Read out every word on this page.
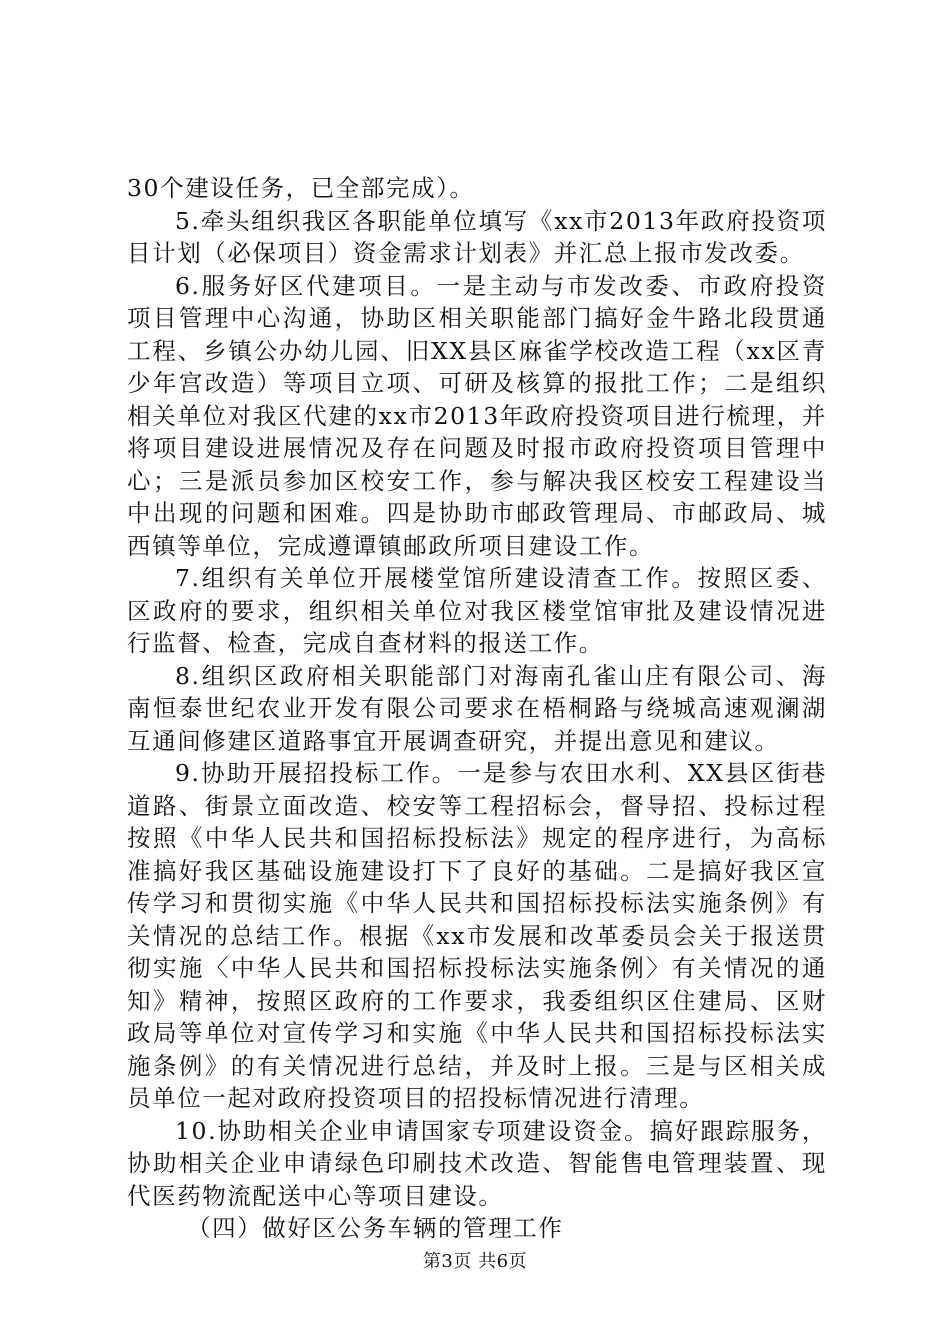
30个建设任务，已全部完成）。

5.牵头组织我区各职能单位填写《xx市2013年政府投资项目计划（必保项目）资金需求计划表》并汇总上报市发改委。

6.服务好区代建项目。一是主动与市发改委、市政府投资项目管理中心沟通，协助区相关职能部门搞好金牛路北段贯通工程、乡镇公办幼儿园、旧XX县区麻雀学校改造工程（xx区青少年宫改造）等项目立项、可研及核算的报批工作；二是组织相关单位对我区代建的xx市2013年政府投资项目进行梳理，并将项目建设进展情况及存在问题及时报市政府投资项目管理中心；三是派员参加区校安工作，参与解决我区校安工程建设当中出现的问题和困难。四是协助市邮政管理局、市邮政局、城西镇等单位，完成遵谭镇邮政所项目建设工作。

7.组织有关单位开展楼堂馆所建设清查工作。按照区委、区政府的要求，组织相关单位对我区楼堂馆审批及建设情况进行监督、检查，完成自查材料的报送工作。

8.组织区政府相关职能部门对海南孔雀山庄有限公司、海南恒泰世纪农业开发有限公司要求在梧桐路与绕城高速观澜湖互通间修建区道路事宜开展调查研究，并提出意见和建议。

9.协助开展招投标工作。一是参与农田水利、XX县区街巷道路、街景立面改造、校安等工程招标会，督导招、投标过程按照《中华人民共和国招标投标法》规定的程序进行，为高标准搞好我区基础设施建设打下了良好的基础。二是搞好我区宣传学习和贯彻实施《中华人民共和国招标投标法实施条例》有关情况的总结工作。根据《xx市发展和改革委员会关于报送贯彻实施〈中华人民共和国招标投标法实施条例〉有关情况的通知》精神，按照区政府的工作要求，我委组织区住建局、区财政局等单位对宣传学习和实施《中华人民共和国招标投标法实施条例》的有关情况进行总结，并及时上报。三是与区相关成员单位一起对政府投资项目的招投标情况进行清理。

10.协助相关企业申请国家专项建设资金。搞好跟踪服务，协助相关企业申请绿色印刷技术改造、智能售电管理装置、现代医药物流配送中心等项目建设。

（四）做好区公务车辆的管理工作

第3页 共6页
